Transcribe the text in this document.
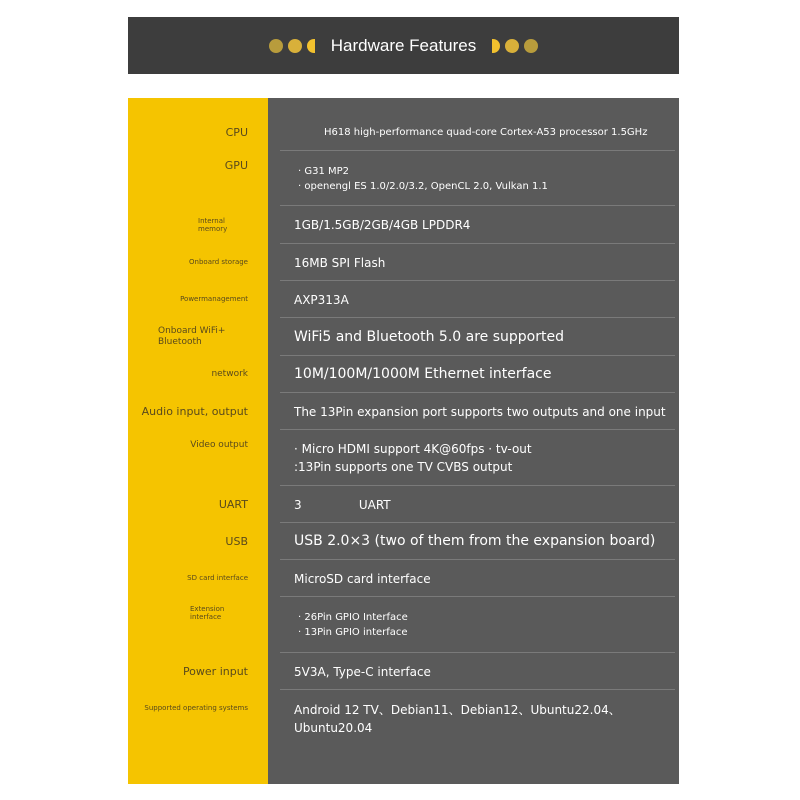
Hardware Features
CPU	H618 high-performance quad-core Cortex-A53 processor 1.5GHz
GPU	· G31 MP2
· openengl ES 1.0/2.0/3.2, OpenCL 2.0, Vulkan 1.1
Internal memory	1GB/1.5GB/2GB/4GB LPDDR4
Onboard storage	16MB SPI Flash
Powermanagement	AXP313A
Onboard WiFi+ Bluetooth	WiFi5 and Bluetooth 5.0 are supported
network	10M/100M/1000M Ethernet interface
Audio input, output	The 13Pin expansion port supports two outputs and one input
Video output	· Micro HDMI support 4K@60fps · tv-out
:13Pin supports one TV CVBS output
UART	3               UART
USB	USB 2.0×3 (two of them from the expansion board)
SD card interface	MicroSD card interface
Extension interface	· 26Pin GPIO Interface
· 13Pin GPIO interface
Power input	5V3A, Type-C interface
Supported operating systems	Android 12 TV、Debian11、Debian12、Ubuntu22.04、
Ubuntu20.04
